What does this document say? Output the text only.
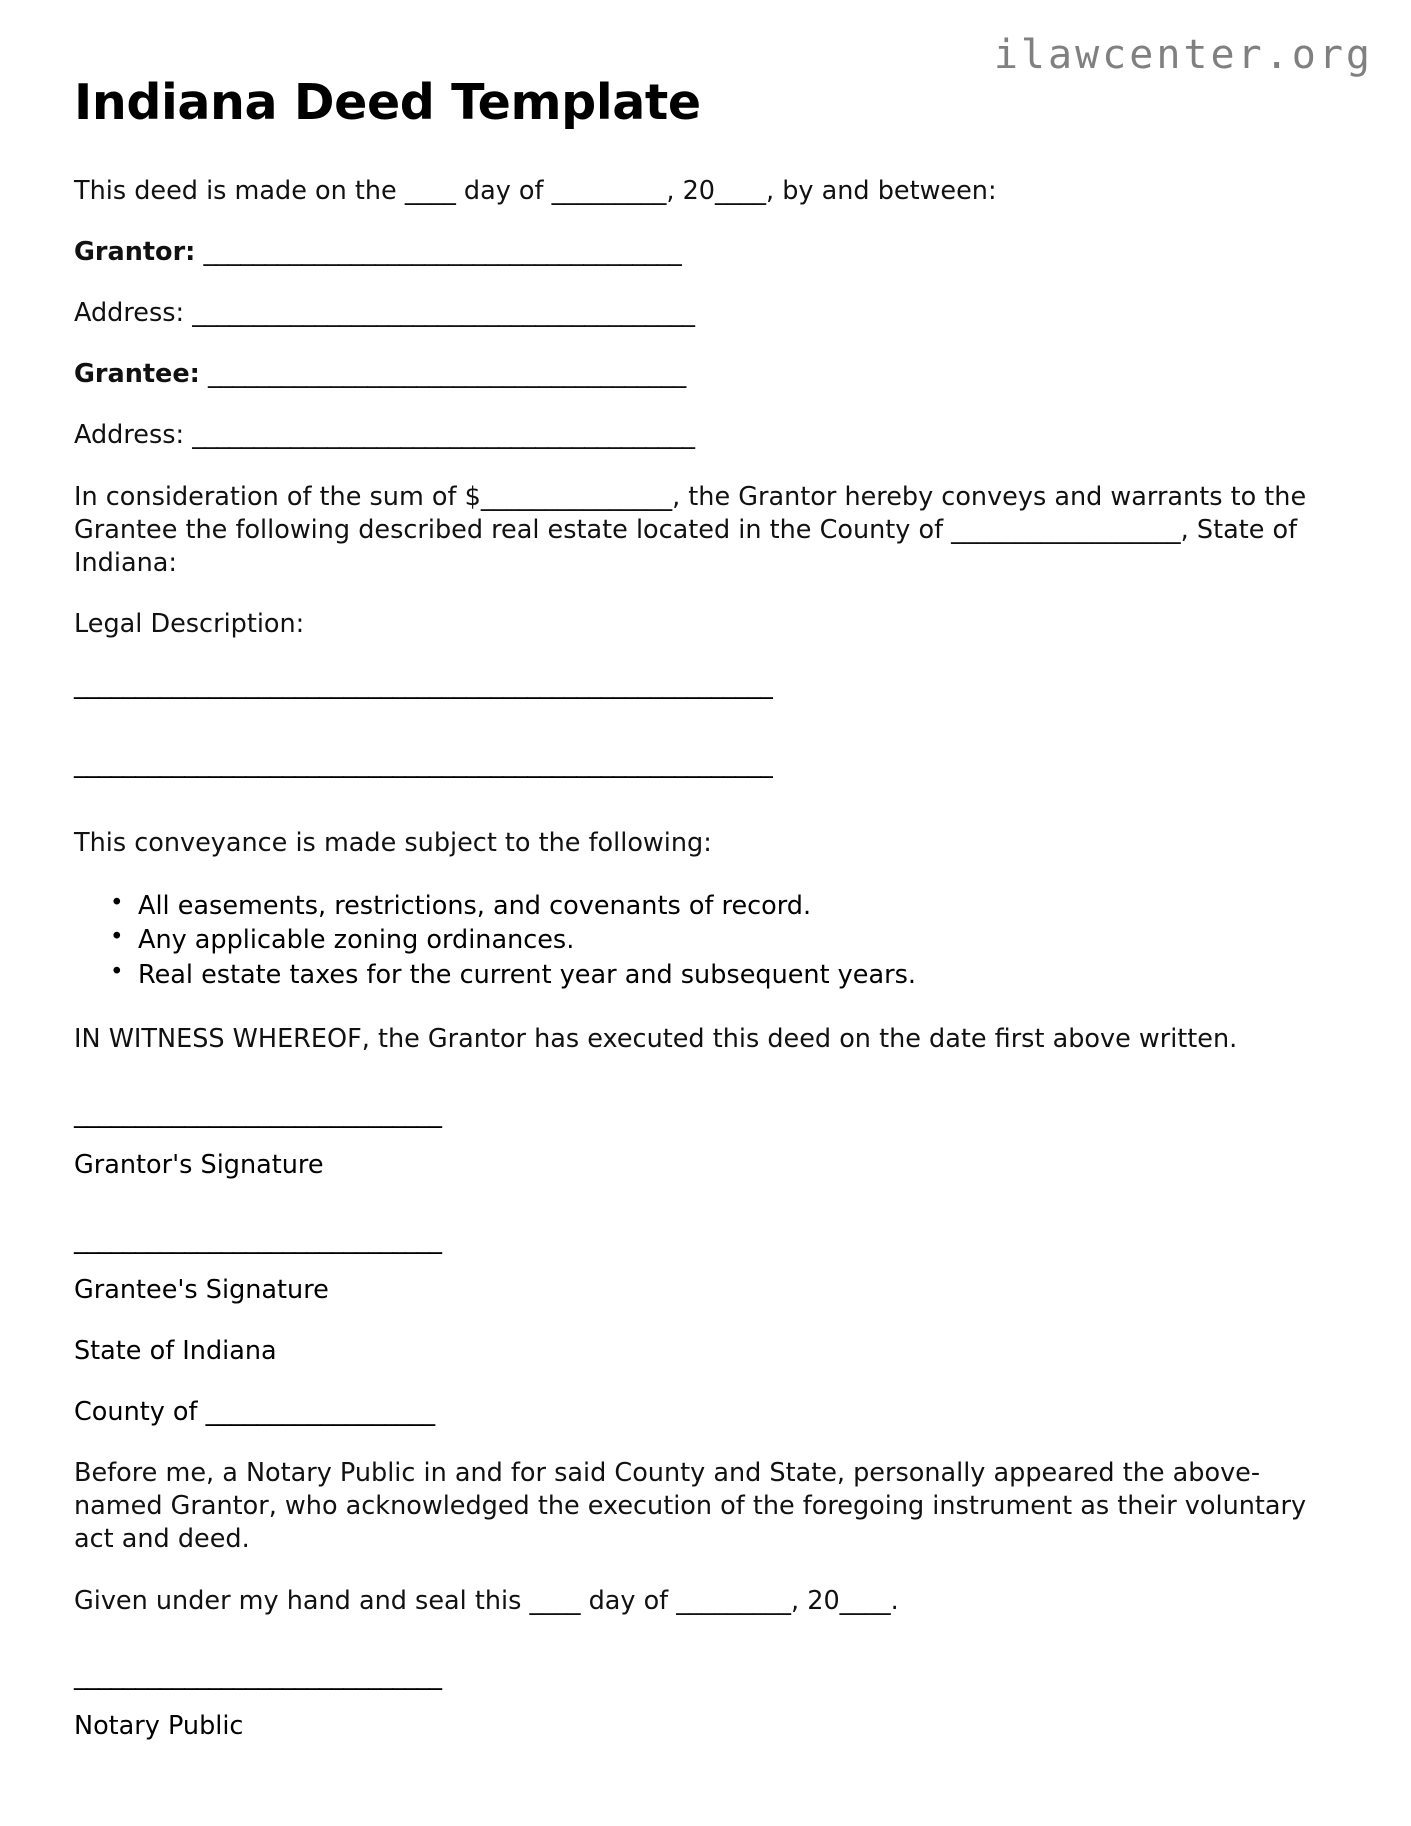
ilawcenter.org
Indiana Deed Template

This deed is made on the ____ day of _________, 20____, by and between:

Grantor: _______________________________________

Address: _________________________________________

Grantee: _______________________________________

Address: _________________________________________

In consideration of the sum of $_______________, the Grantor hereby conveys and warrants to the Grantee the following described real estate located in the County of __________________, State of Indiana:

Legal Description:

_________________________________________________________
_________________________________________________________

This conveyance is made subject to the following:

• All easements, restrictions, and covenants of record.
• Any applicable zoning ordinances.
• Real estate taxes for the current year and subsequent years.

IN WITNESS WHEREOF, the Grantor has executed this deed on the date first above written.

______________________________

Grantor's Signature

______________________________

Grantee's Signature

State of Indiana

County of __________________

Before me, a Notary Public in and for said County and State, personally appeared the above-named Grantor, who acknowledged the execution of the foregoing instrument as their voluntary act and deed.

Given under my hand and seal this ____ day of _________, 20____.

______________________________

Notary Public
